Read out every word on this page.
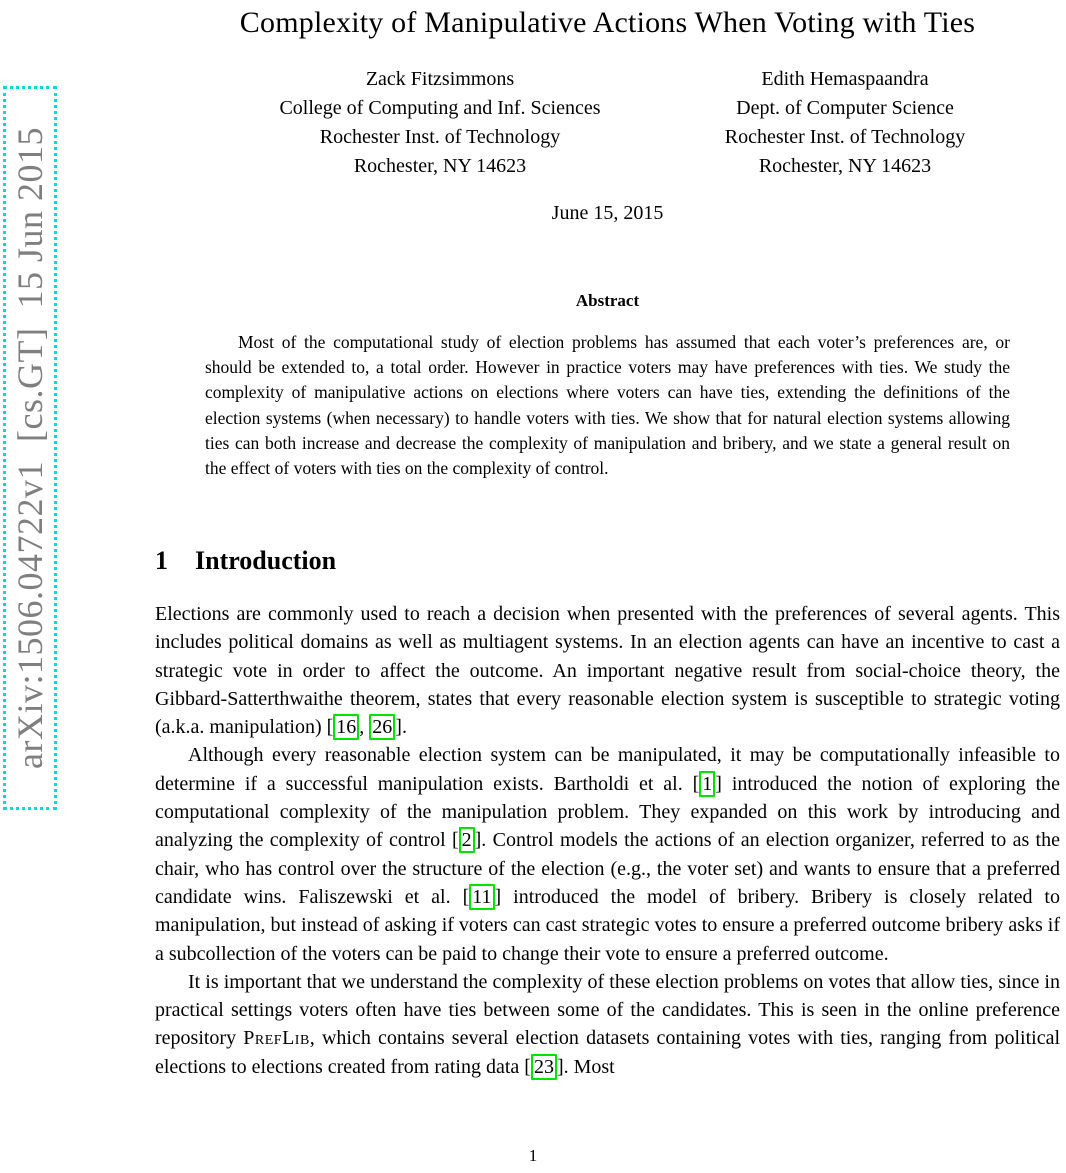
arXiv:1506.04722v1  [cs.GT]  15 Jun 2015
Complexity of Manipulative Actions When Voting with Ties
Zack Fitzsimmons
College of Computing and Inf. Sciences
Rochester Inst. of Technology
Rochester, NY 14623
Edith Hemaspaandra
Dept. of Computer Science
Rochester Inst. of Technology
Rochester, NY 14623
June 15, 2015
Abstract

Most of the computational study of election problems has assumed that each voter’s preferences are, or should be extended to, a total order. However in practice voters may have preferences with ties. We study the complexity of manipulative actions on elections where voters can have ties, extending the definitions of the election systems (when necessary) to handle voters with ties. We show that for natural election systems allowing ties can both increase and decrease the complexity of manipulation and bribery, and we state a general result on the effect of voters with ties on the complexity of control.

1 Introduction

Elections are commonly used to reach a decision when presented with the preferences of several agents. This includes political domains as well as multiagent systems. In an election agents can have an incentive to cast a strategic vote in order to affect the outcome. An important negative result from social-choice theory, the Gibbard-Satterthwaithe theorem, states that every reasonable election system is susceptible to strategic voting (a.k.a. manipulation) [ 16 , 26 ].

Although every reasonable election system can be manipulated, it may be computationally infeasible to determine if a successful manipulation exists. Bartholdi et al. [ 1 ] introduced the notion of exploring the computational complexity of the manipulation problem. They expanded on this work by introducing and analyzing the complexity of control [ 2 ]. Control models the actions of an election organizer, referred to as the chair, who has control over the structure of the election (e.g., the voter set) and wants to ensure that a preferred candidate wins. Faliszewski et al. [ 11 ] introduced the model of bribery. Bribery is closely related to manipulation, but instead of asking if voters can cast strategic votes to ensure a preferred outcome bribery asks if a subcollection of the voters can be paid to change their vote to ensure a preferred outcome.

It is important that we understand the complexity of these election problems on votes that allow ties, since in practical settings voters often have ties between some of the candidates. This is seen in the online preference repository PrefLib, which contains several election datasets containing votes with ties, ranging from political elections to elections created from rating data [ 23 ]. Most

1
